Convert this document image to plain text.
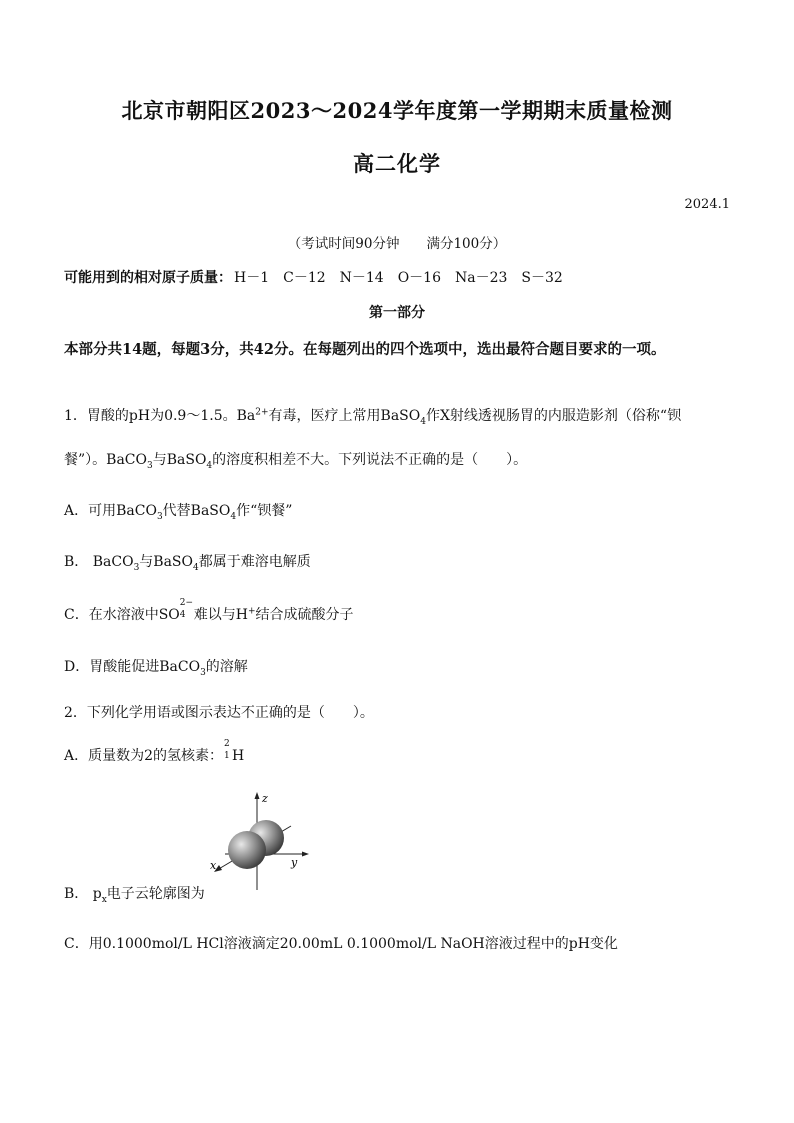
北京市朝阳区2023～2024学年度第一学期期末质量检测
高二化学
2024.1
（考试时间90分钟　　满分100分）
可能用到的相对原子质量： H－1　C－12　N－14　O－16　Na－23　S－32
第一部分
本部分共14题，每题3分，共42分。在每题列出的四个选项中，选出最符合题目要求的一项。
1．胃酸的pH为0.9～1.5。$Ba^{2+}$有毒，医疗上常用BaSO$_4$作X射线透视肠胃的内服造影剂（俗称“钡
餐”）。BaCO$_3$与BaSO$_4$的溶度积相差不大。下列说法不正确的是（　　）。
A．可用BaCO$_3$代替BaSO$_4$作“钡餐”
B． BaCO$_3$与BaSO$_4$都属于难溶电解质
C．在水溶液中SO
2−
4 难以与H+结合成硫酸分子
D．胃酸能促进BaCO$_3$的溶解
2．下列化学用语或图示表达不正确的是（　　）。
A．质量数为2的氢核素：
2
1 H
z
y
x
B． $p_x$电子云轮廓图为
C．用0.1000mol/L HCl溶液滴定20.00mL 0.1000mol/L NaOH溶液过程中的pH变化
